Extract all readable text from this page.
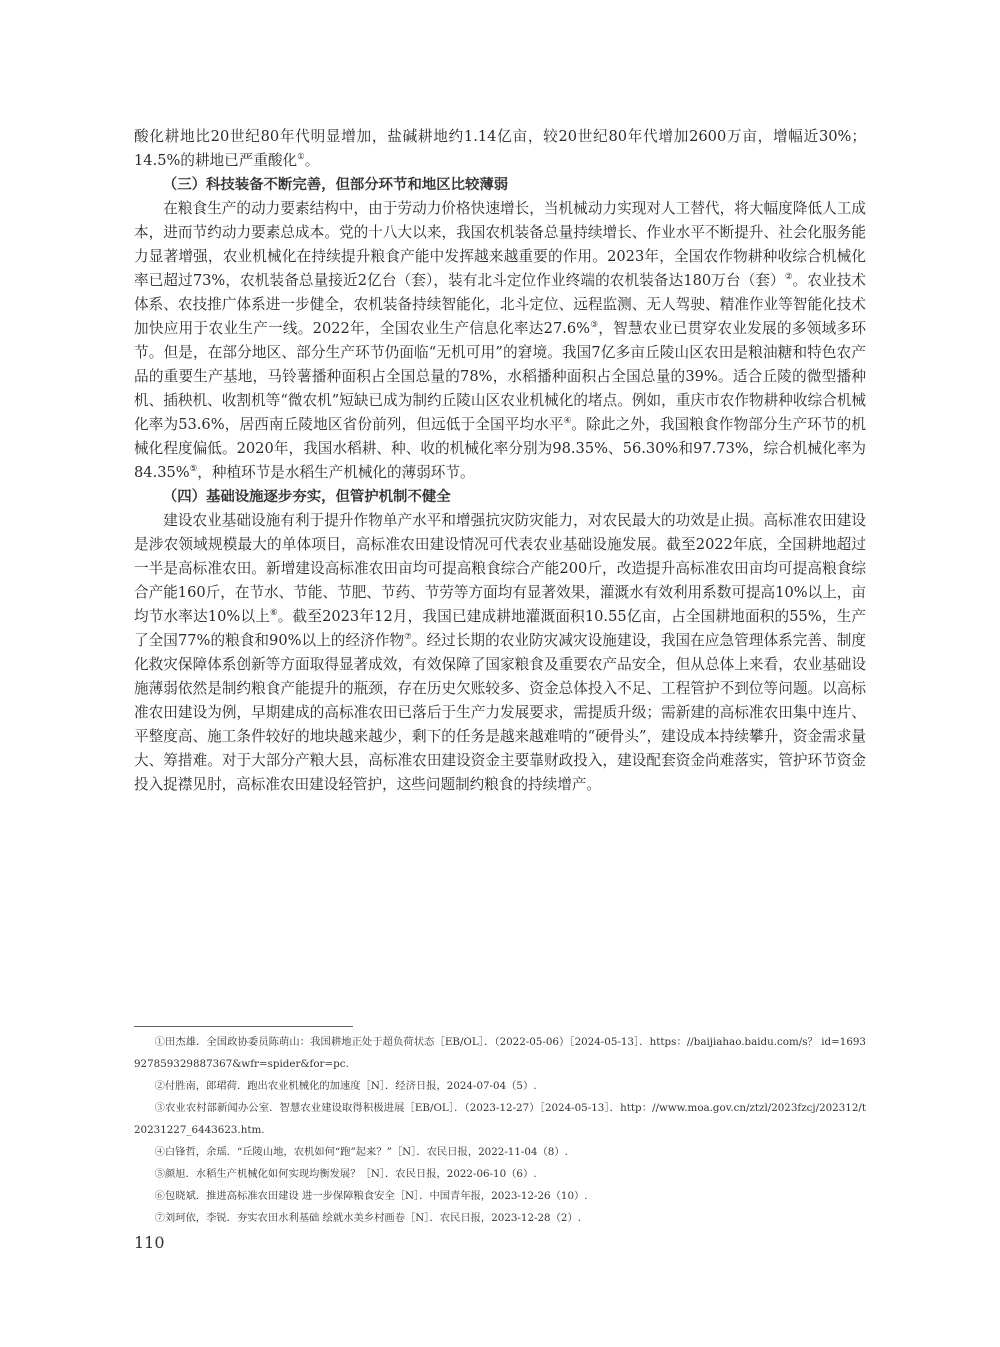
酸化耕地比20世纪80年代明显增加，盐碱耕地约1.14亿亩，较20世纪80年代增加2600万亩，增幅近30%；14.5%的耕地已严重酸化①。

（三）科技装备不断完善，但部分环节和地区比较薄弱

在粮食生产的动力要素结构中，由于劳动力价格快速增长，当机械动力实现对人工替代，将大幅度降低人工成本，进而节约动力要素总成本。党的十八大以来，我国农机装备总量持续增长、作业水平不断提升、社会化服务能力显著增强，农业机械化在持续提升粮食产能中发挥越来越重要的作用。2023年，全国农作物耕种收综合机械化率已超过73%，农机装备总量接近2亿台（套），装有北斗定位作业终端的农机装备达180万台（套）②。农业技术体系、农技推广体系进一步健全，农机装备持续智能化，北斗定位、远程监测、无人驾驶、精准作业等智能化技术加快应用于农业生产一线。2022年，全国农业生产信息化率达27.6%③，智慧农业已贯穿农业发展的多领域多环节。但是，在部分地区、部分生产环节仍面临“无机可用”的窘境。我国7亿多亩丘陵山区农田是粮油糖和特色农产品的重要生产基地，马铃薯播种面积占全国总量的78%，水稻播种面积占全国总量的39%。适合丘陵的微型播种机、插秧机、收割机等“微农机”短缺已成为制约丘陵山区农业机械化的堵点。例如，重庆市农作物耕种收综合机械化率为53.6%，居西南丘陵地区省份前列，但远低于全国平均水平④。除此之外，我国粮食作物部分生产环节的机械化程度偏低。2020年，我国水稻耕、种、收的机械化率分别为98.35%、56.30%和97.73%，综合机械化率为84.35%⑤，种植环节是水稻生产机械化的薄弱环节。

（四）基础设施逐步夯实，但管护机制不健全

建设农业基础设施有利于提升作物单产水平和增强抗灾防灾能力，对农民最大的功效是止损。高标准农田建设是涉农领域规模最大的单体项目，高标准农田建设情况可代表农业基础设施发展。截至2022年底，全国耕地超过一半是高标准农田。新增建设高标准农田亩均可提高粮食综合产能200斤，改造提升高标准农田亩均可提高粮食综合产能160斤，在节水、节能、节肥、节药、节劳等方面均有显著效果，灌溉水有效利用系数可提高10%以上，亩均节水率达10%以上⑥。截至2023年12月，我国已建成耕地灌溉面积10.55亿亩，占全国耕地面积的55%，生产了全国77%的粮食和90%以上的经济作物⑦。经过长期的农业防灾减灾设施建设，我国在应急管理体系完善、制度化救灾保障体系创新等方面取得显著成效，有效保障了国家粮食及重要农产品安全，但从总体上来看，农业基础设施薄弱依然是制约粮食产能提升的瓶颈，存在历史欠账较多、资金总体投入不足、工程管护不到位等问题。以高标准农田建设为例，早期建成的高标准农田已落后于生产力发展要求，需提质升级；需新建的高标准农田集中连片、平整度高、施工条件较好的地块越来越少，剩下的任务是越来越难啃的“硬骨头”，建设成本持续攀升，资金需求量大、筹措难。对于大部分产粮大县，高标准农田建设资金主要靠财政投入，建设配套资金尚难落实，管护环节资金投入捉襟见肘，高标准农田建设轻管护，这些问题制约粮食的持续增产。

①田杰雄．全国政协委员陈萌山：我国耕地正处于超负荷状态［EB/OL］．（2022-05-06）［2024-05-13］．https：//baijiahao.baidu.com/s？ id=1693927859329887367&wfr=spider&for=pc.

②付胜南，郎珺荷．跑出农业机械化的加速度［N］．经济日报，2024-07-04（5）.

③农业农村部新闻办公室．智慧农业建设取得积极进展［EB/OL］．（2023-12-27）［2024-05-13］．http：//www.moa.gov.cn/ztzl/2023fzcj/202312/t20231227_6443623.htm.

④白锋哲，余瑶．“丘陵山地，农机如何“跑”起来？”［N］．农民日报，2022-11-04（8）.

⑤颜旭．水稻生产机械化如何实现均衡发展？［N］．农民日报，2022-06-10（6）.

⑥包晓斌．推进高标准农田建设 进一步保障粮食安全［N］．中国青年报，2023-12-26（10）.

⑦刘珂依，李锐．夯实农田水利基础 绘就水美乡村画卷［N］．农民日报，2023-12-28（2）.

110
